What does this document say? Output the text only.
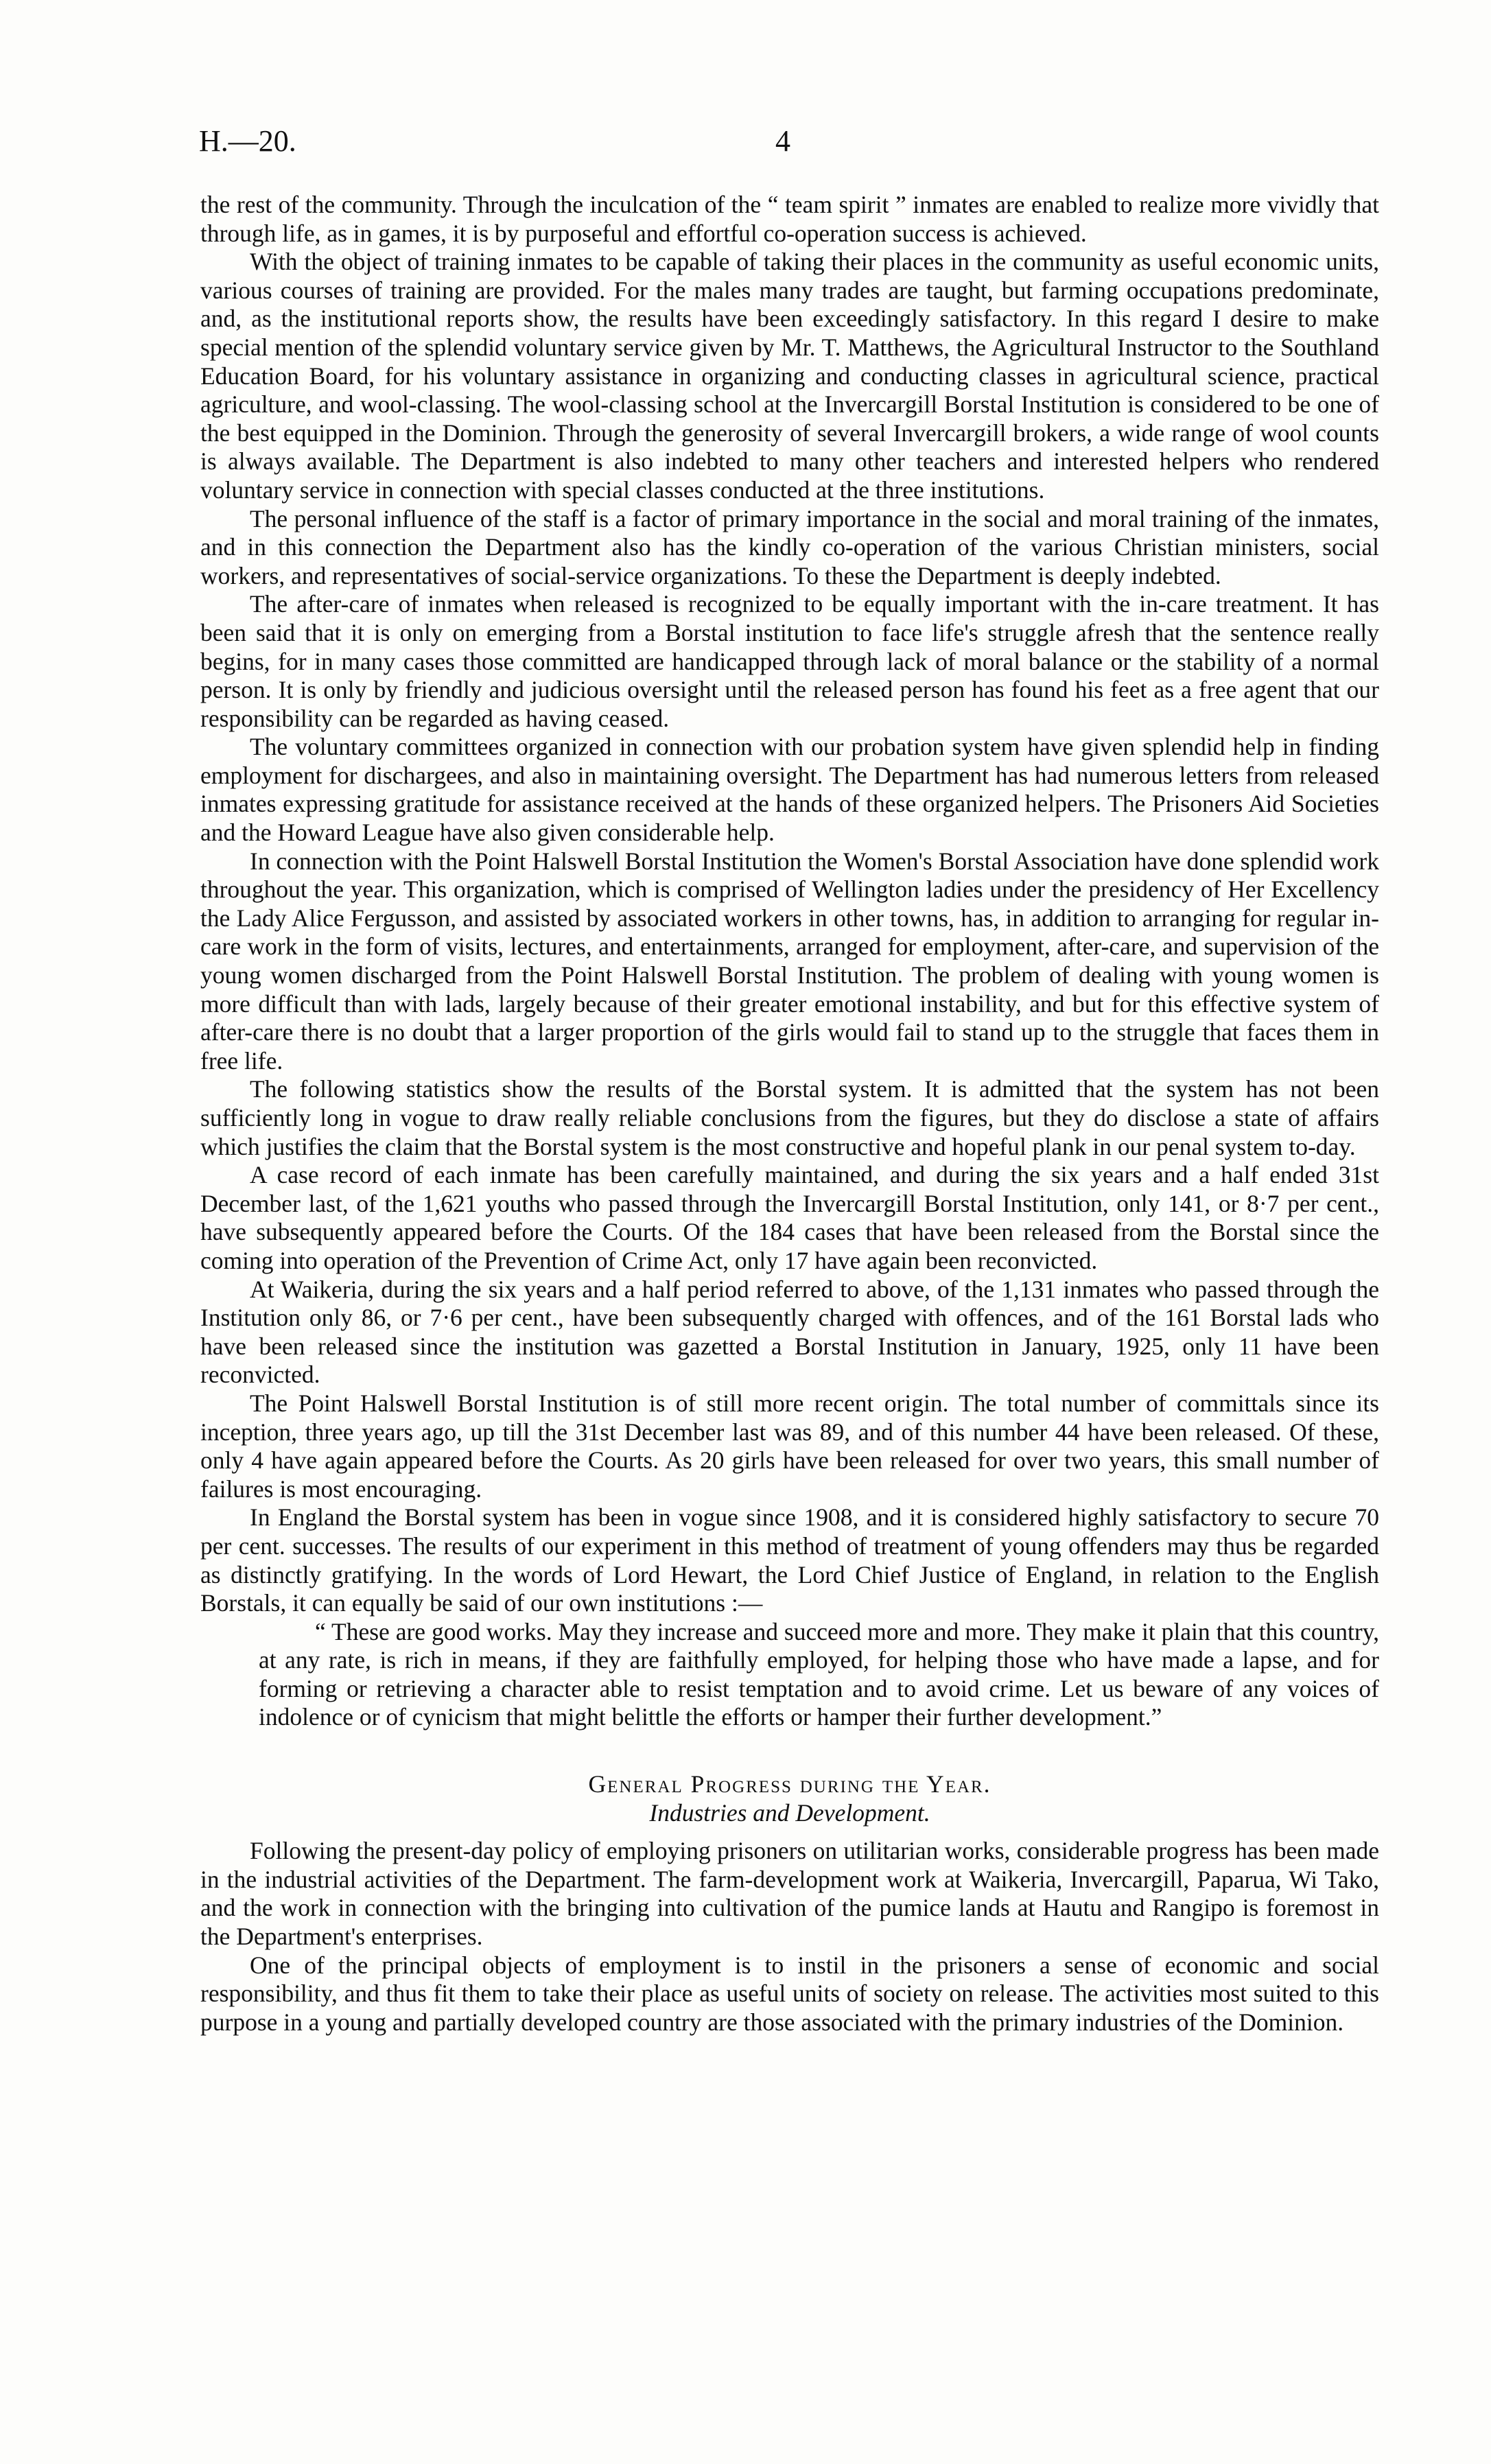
H.—20.	4

the rest of the community. Through the inculcation of the “ team spirit ” inmates are enabled to realize more vividly that through life, as in games, it is by purposeful and effortful co-operation success is achieved.

With the object of training inmates to be capable of taking their places in the community as useful economic units, various courses of training are provided. For the males many trades are taught, but farming occupations predominate, and, as the institutional reports show, the results have been exceedingly satisfactory. In this regard I desire to make special mention of the splendid voluntary service given by Mr. T. Matthews, the Agricultural Instructor to the Southland Education Board, for his voluntary assistance in organizing and conducting classes in agricultural science, practical agriculture, and wool-classing. The wool-classing school at the Invercargill Borstal Institution is considered to be one of the best equipped in the Dominion. Through the generosity of several Invercargill brokers, a wide range of wool counts is always available. The Department is also indebted to many other teachers and interested helpers who rendered voluntary service in connection with special classes conducted at the three institutions.

The personal influence of the staff is a factor of primary importance in the social and moral training of the inmates, and in this connection the Department also has the kindly co-operation of the various Christian ministers, social workers, and representatives of social-service organizations. To these the Department is deeply indebted.

The after-care of inmates when released is recognized to be equally important with the in-care treatment. It has been said that it is only on emerging from a Borstal institution to face life's struggle afresh that the sentence really begins, for in many cases those committed are handicapped through lack of moral balance or the stability of a normal person. It is only by friendly and judicious oversight until the released person has found his feet as a free agent that our responsibility can be regarded as having ceased.

The voluntary committees organized in connection with our probation system have given splendid help in finding employment for dischargees, and also in maintaining oversight. The Department has had numerous letters from released inmates expressing gratitude for assistance received at the hands of these organized helpers. The Prisoners Aid Societies and the Howard League have also given considerable help.

In connection with the Point Halswell Borstal Institution the Women's Borstal Association have done splendid work throughout the year. This organization, which is comprised of Wellington ladies under the presidency of Her Excellency the Lady Alice Fergusson, and assisted by associated workers in other towns, has, in addition to arranging for regular in-care work in the form of visits, lectures, and entertainments, arranged for employment, after-care, and supervision of the young women discharged from the Point Halswell Borstal Institution. The problem of dealing with young women is more difficult than with lads, largely because of their greater emotional instability, and but for this effective system of after-care there is no doubt that a larger proportion of the girls would fail to stand up to the struggle that faces them in free life.

The following statistics show the results of the Borstal system. It is admitted that the system has not been sufficiently long in vogue to draw really reliable conclusions from the figures, but they do disclose a state of affairs which justifies the claim that the Borstal system is the most constructive and hopeful plank in our penal system to-day.

A case record of each inmate has been carefully maintained, and during the six years and a half ended 31st December last, of the 1,621 youths who passed through the Invercargill Borstal Institution, only 141, or 8·7 per cent., have subsequently appeared before the Courts. Of the 184 cases that have been released from the Borstal since the coming into operation of the Prevention of Crime Act, only 17 have again been reconvicted.

At Waikeria, during the six years and a half period referred to above, of the 1,131 inmates who passed through the Institution only 86, or 7·6 per cent., have been subsequently charged with offences, and of the 161 Borstal lads who have been released since the institution was gazetted a Borstal Institution in January, 1925, only 11 have been reconvicted.

The Point Halswell Borstal Institution is of still more recent origin. The total number of committals since its inception, three years ago, up till the 31st December last was 89, and of this number 44 have been released. Of these, only 4 have again appeared before the Courts. As 20 girls have been released for over two years, this small number of failures is most encouraging.

In England the Borstal system has been in vogue since 1908, and it is considered highly satisfactory to secure 70 per cent. successes. The results of our experiment in this method of treatment of young offenders may thus be regarded as distinctly gratifying. In the words of Lord Hewart, the Lord Chief Justice of England, in relation to the English Borstals, it can equally be said of our own institutions :—

“ These are good works. May they increase and succeed more and more. They make it plain that this country, at any rate, is rich in means, if they are faithfully employed, for helping those who have made a lapse, and for forming or retrieving a character able to resist temptation and to avoid crime. Let us beware of any voices of indolence or of cynicism that might belittle the efforts or hamper their further development.”

General Progress during the Year.

Industries and Development.

Following the present-day policy of employing prisoners on utilitarian works, considerable progress has been made in the industrial activities of the Department. The farm-development work at Waikeria, Invercargill, Paparua, Wi Tako, and the work in connection with the bringing into cultivation of the pumice lands at Hautu and Rangipo is foremost in the Department's enterprises.

One of the principal objects of employment is to instil in the prisoners a sense of economic and social responsibility, and thus fit them to take their place as useful units of society on release. The activities most suited to this purpose in a young and partially developed country are those associated with the primary industries of the Dominion.
